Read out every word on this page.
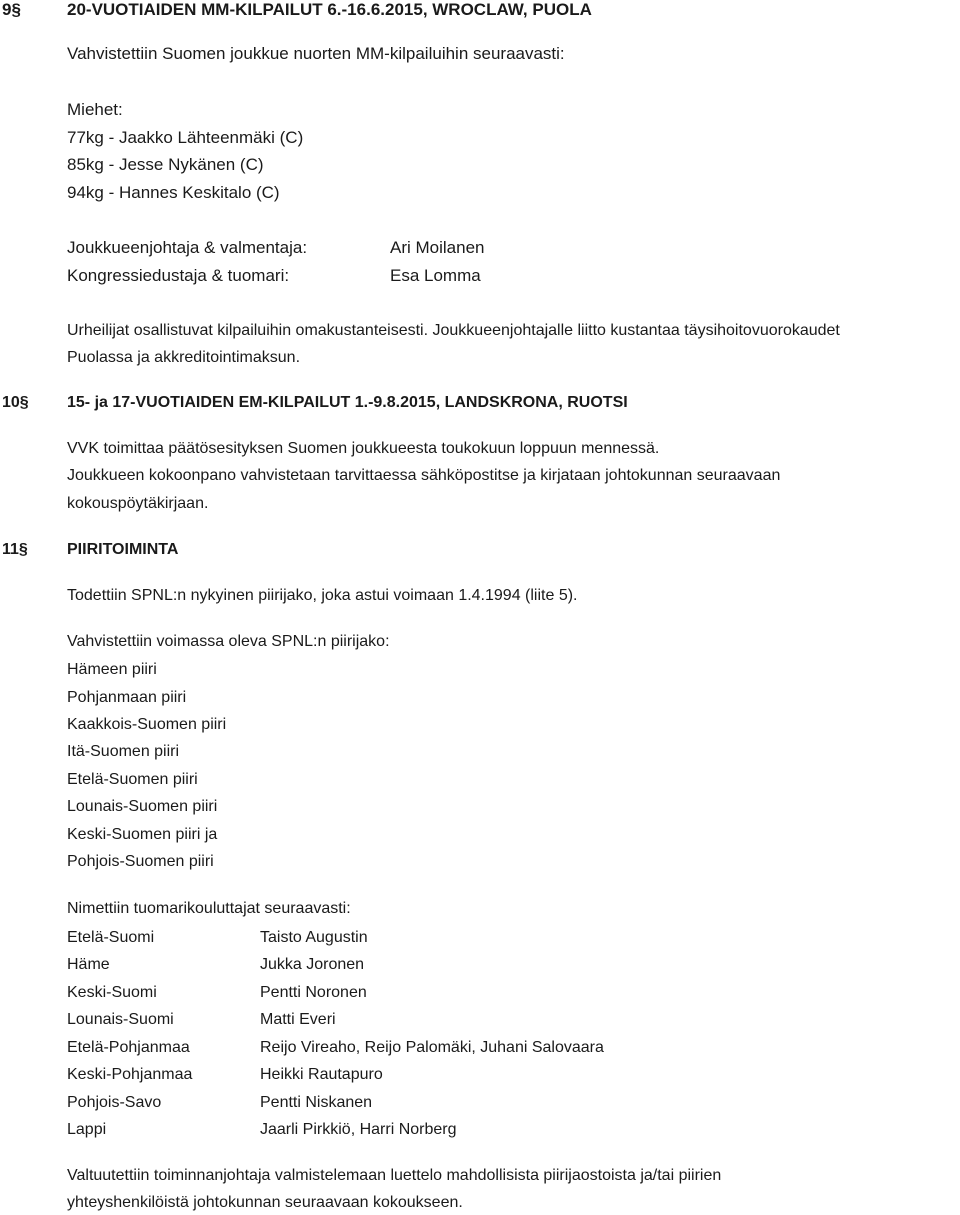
9§	20-VUOTIAIDEN MM-KILPAILUT 6.-16.6.2015, WROCLAW, PUOLA
Vahvistettiin Suomen joukkue nuorten MM-kilpailuihin seuraavasti:
Miehet:
77kg - Jaakko Lähteenmäki (C)
85kg - Jesse Nykänen (C)
94kg - Hannes Keskitalo (C)
Joukkueenjohtaja & valmentaja:	Ari Moilanen
Kongressiedustaja & tuomari:	Esa Lomma
Urheilijat osallistuvat kilpailuihin omakustanteisesti. Joukkueenjohtajalle liitto kustantaa täysihoitovuorokaudet
Puolassa ja akkreditointimaksun.
10§ 15- ja 17-VUOTIAIDEN EM-KILPAILUT 1.-9.8.2015, LANDSKRONA, RUOTSI
VVK toimittaa päätösesityksen Suomen joukkueesta toukokuun loppuun mennessä.
Joukkueen kokoonpano vahvistetaan tarvittaessa sähköpostitse ja kirjataan johtokunnan seuraavaan
kokouspöytäkirjaan.
11§ PIIRITOIMINTA
Todettiin SPNL:n nykyinen piirijako, joka astui voimaan 1.4.1994 (liite 5).
Vahvistettiin voimassa oleva SPNL:n piirijako:
Hämeen piiri
Pohjanmaan piiri
Kaakkois-Suomen piiri
Itä-Suomen piiri
Etelä-Suomen piiri
Lounais-Suomen piiri
Keski-Suomen piiri ja
Pohjois-Suomen piiri
Nimettiin tuomarikouluttajat seuraavasti:
Etelä-Suomi	Taisto Augustin
Häme	Jukka Joronen
Keski-Suomi	Pentti Noronen
Lounais-Suomi	Matti Everi
Etelä-Pohjanmaa	Reijo Vireaho, Reijo Palomäki, Juhani Salovaara
Keski-Pohjanmaa	Heikki Rautapuro
Pohjois-Savo	Pentti Niskanen
Lappi	Jaarli Pirkkiö, Harri Norberg
Valtuutettiin toiminnanjohtaja valmistelemaan luettelo mahdollisista piirijaostoista ja/tai piirien
yhteyshenkilöistä johtokunnan seuraavaan kokoukseen.
